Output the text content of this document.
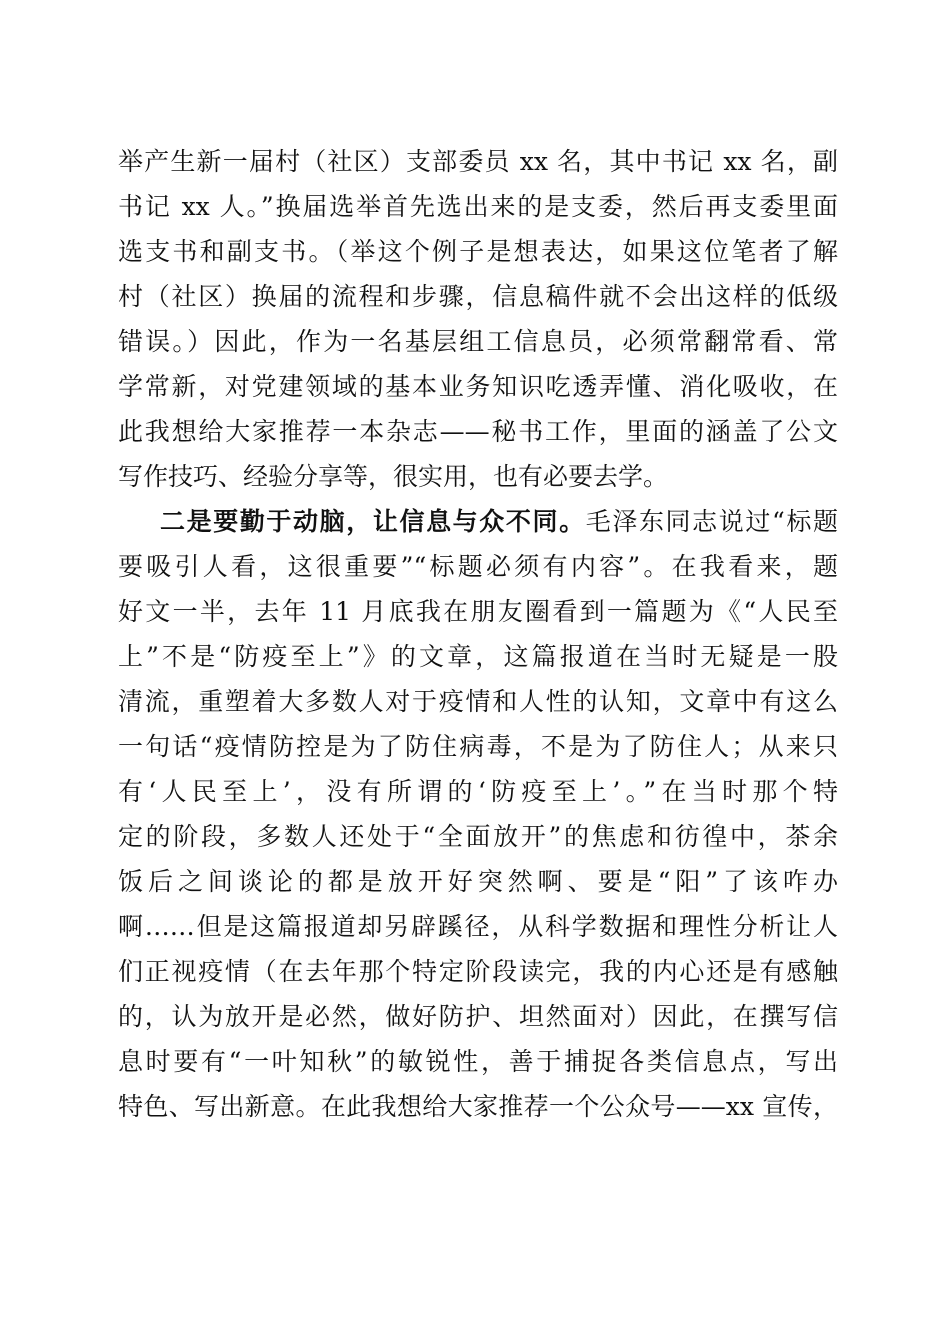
举产生新一届村（社区）支部委员 xx 名，其中书记 xx 名，副
书记 xx 人。”换届选举首先选出来的是支委，然后再支委里面
选支书和副支书。（举这个例子是想表达，如果这位笔者了解
村（社区）换届的流程和步骤，信息稿件就不会出这样的低级
错误。）因此，作为一名基层组工信息员，必须常翻常看、常
学常新，对党建领域的基本业务知识吃透弄懂、消化吸收，在
此我想给大家推荐一本杂志——秘书工作，里面的涵盖了公文
写作技巧、经验分享等，很实用，也有必要去学。
二是要勤于动脑，让信息与众不同。毛泽东同志说过“标题
要吸引人看，这很重要”“标题必须有内容”。在我看来，题
好文一半，去年 11 月底我在朋友圈看到一篇题为《“人民至
上”不是“防疫至上”》的文章，这篇报道在当时无疑是一股
清流，重塑着大多数人对于疫情和人性的认知，文章中有这么
一句话“疫情防控是为了防住病毒，不是为了防住人；从来只
有‘人民至上’，没有所谓的‘防疫至上’。”在当时那个特
定的阶段，多数人还处于“全面放开”的焦虑和彷徨中，茶余
饭后之间谈论的都是放开好突然啊、要是“阳”了该咋办
啊……但是这篇报道却另辟蹊径，从科学数据和理性分析让人
们正视疫情（在去年那个特定阶段读完，我的内心还是有感触
的，认为放开是必然，做好防护、坦然面对）因此，在撰写信
息时要有“一叶知秋”的敏锐性，善于捕捉各类信息点，写出
特色、写出新意。在此我想给大家推荐一个公众号——xx 宣传，
